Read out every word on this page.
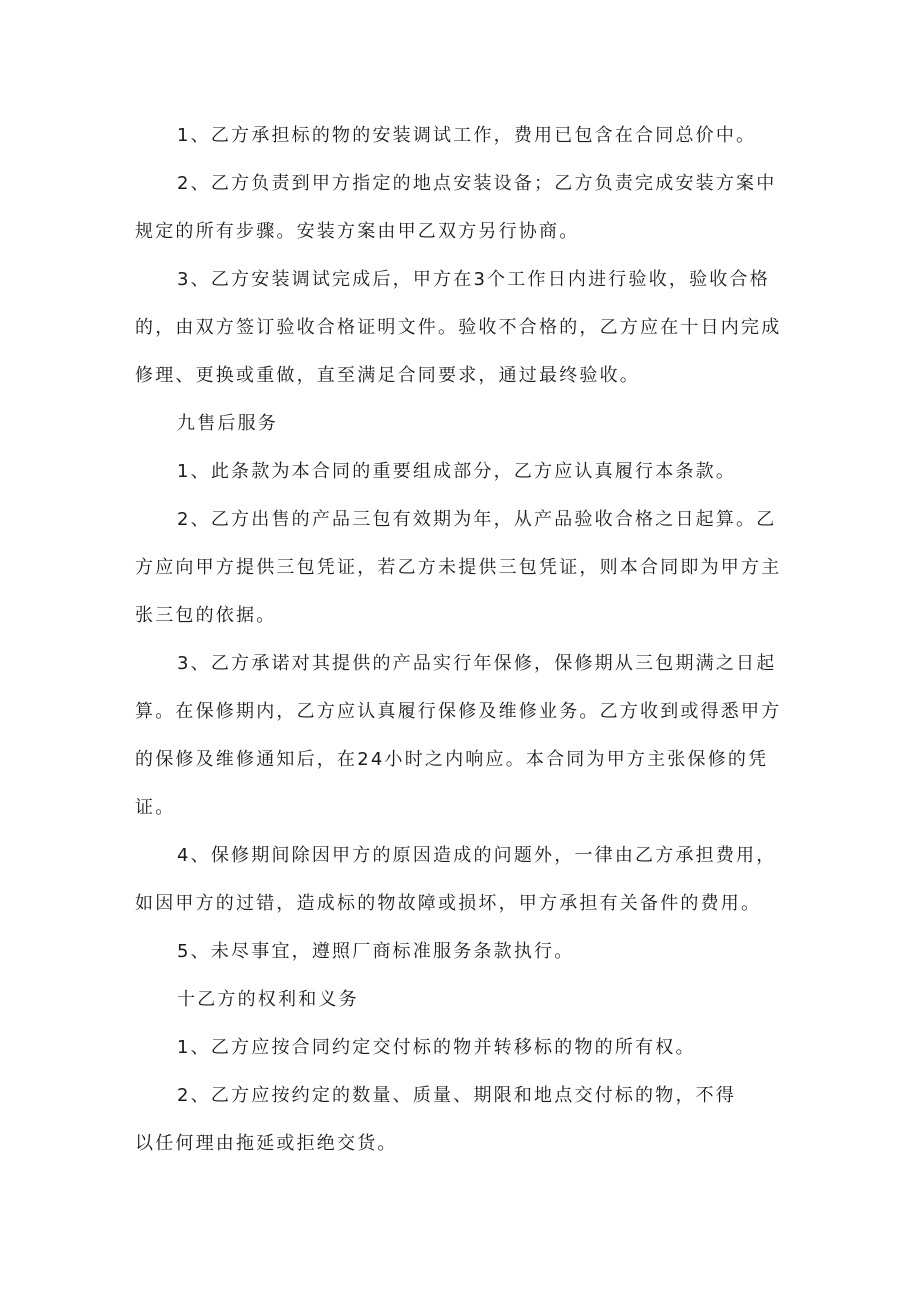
1、乙方承担标的物的安装调试工作，费用已包含在合同总价中。

2、乙方负责到甲方指定的地点安装设备；乙方负责完成安装方案中
规定的所有步骤。安装方案由甲乙双方另行协商。

3、乙方安装调试完成后，甲方在3个工作日内进行验收，验收合格
的，由双方签订验收合格证明文件。验收不合格的，乙方应在十日内完成
修理、更换或重做，直至满足合同要求，通过最终验收。

九售后服务

1、此条款为本合同的重要组成部分，乙方应认真履行本条款。

2、乙方出售的产品三包有效期为年，从产品验收合格之日起算。乙
方应向甲方提供三包凭证，若乙方未提供三包凭证，则本合同即为甲方主
张三包的依据。

3、乙方承诺对其提供的产品实行年保修，保修期从三包期满之日起
算。在保修期内，乙方应认真履行保修及维修业务。乙方收到或得悉甲方
的保修及维修通知后，在24小时之内响应。本合同为甲方主张保修的凭
证。

4、保修期间除因甲方的原因造成的问题外，一律由乙方承担费用，
如因甲方的过错，造成标的物故障或损坏，甲方承担有关备件的费用。

5、未尽事宜，遵照厂商标准服务条款执行。

十乙方的权利和义务

1、乙方应按合同约定交付标的物并转移标的物的所有权。

2、乙方应按约定的数量、质量、期限和地点交付标的物，不得
以任何理由拖延或拒绝交货。
